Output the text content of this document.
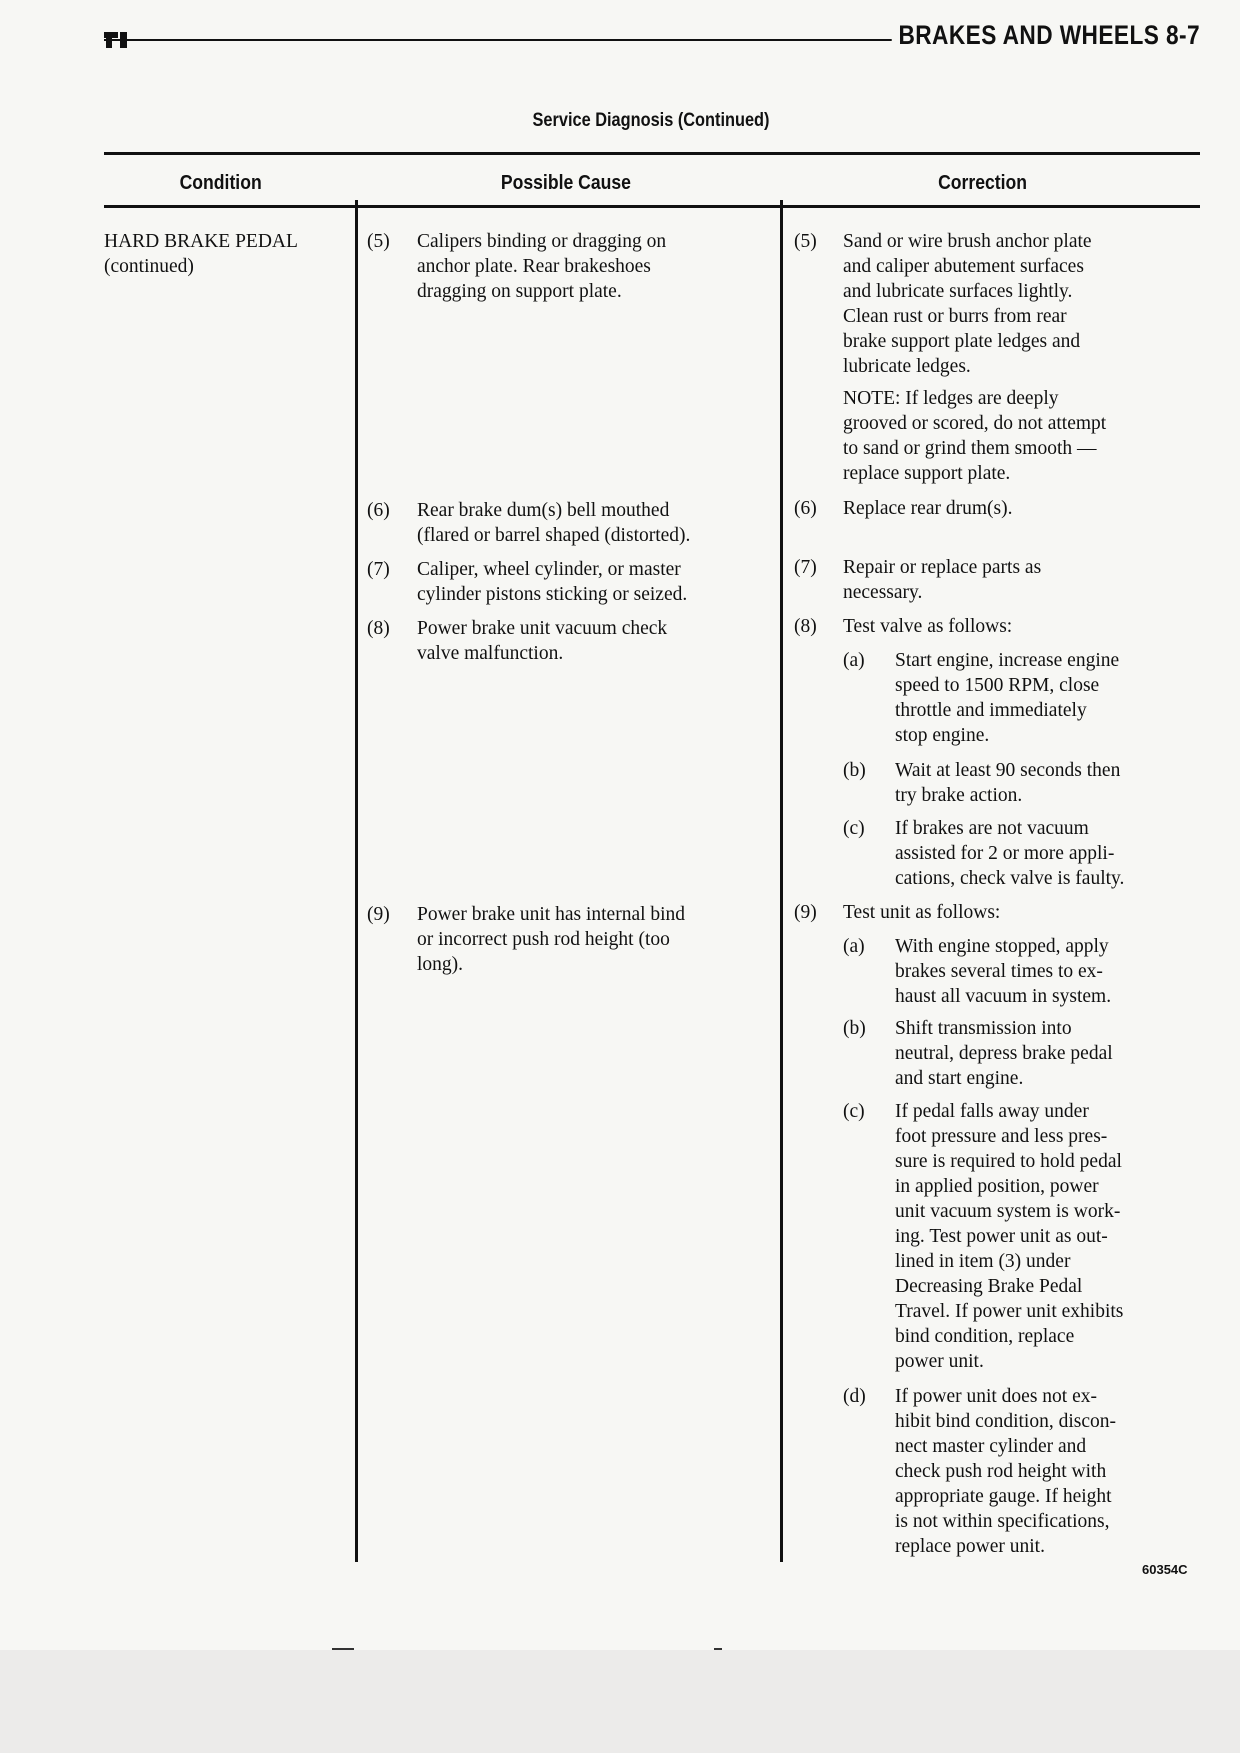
BRAKES AND WHEELS 8-7
Service Diagnosis (Continued)
Condition	Possible Cause	Correction
HARD BRAKE PEDAL
(continued)
(5) Calipers binding or dragging on
anchor plate. Rear brakeshoes
dragging on support plate.
(6) Rear brake dum(s) bell mouthed
(flared or barrel shaped (distorted).
(7) Caliper, wheel cylinder, or master
cylinder pistons sticking or seized.
(8) Power brake unit vacuum check
valve malfunction.
(9) Power brake unit has internal bind
or incorrect push rod height (too
long).
(5) Sand or wire brush anchor plate
and caliper abutement surfaces
and lubricate surfaces lightly.
Clean rust or burrs from rear
brake support plate ledges and
lubricate ledges.
NOTE: If ledges are deeply
grooved or scored, do not attempt
to sand or grind them smooth —
replace support plate.
(6) Replace rear drum(s).
(7) Repair or replace parts as
necessary.
(8) Test valve as follows:
(a) Start engine, increase engine
speed to 1500 RPM, close
throttle and immediately
stop engine.
(b) Wait at least 90 seconds then
try brake action.
(c) If brakes are not vacuum
assisted for 2 or more appli-
cations, check valve is faulty.
(9) Test unit as follows:
(a) With engine stopped, apply
brakes several times to ex-
haust all vacuum in system.
(b) Shift transmission into
neutral, depress brake pedal
and start engine.
(c) If pedal falls away under
foot pressure and less pres-
sure is required to hold pedal
in applied position, power
unit vacuum system is work-
ing. Test power unit as out-
lined in item (3) under
Decreasing Brake Pedal
Travel. If power unit exhibits
bind condition, replace
power unit.
(d) If power unit does not ex-
hibit bind condition, discon-
nect master cylinder and
check push rod height with
appropriate gauge. If height
is not within specifications,
replace power unit.
60354C
